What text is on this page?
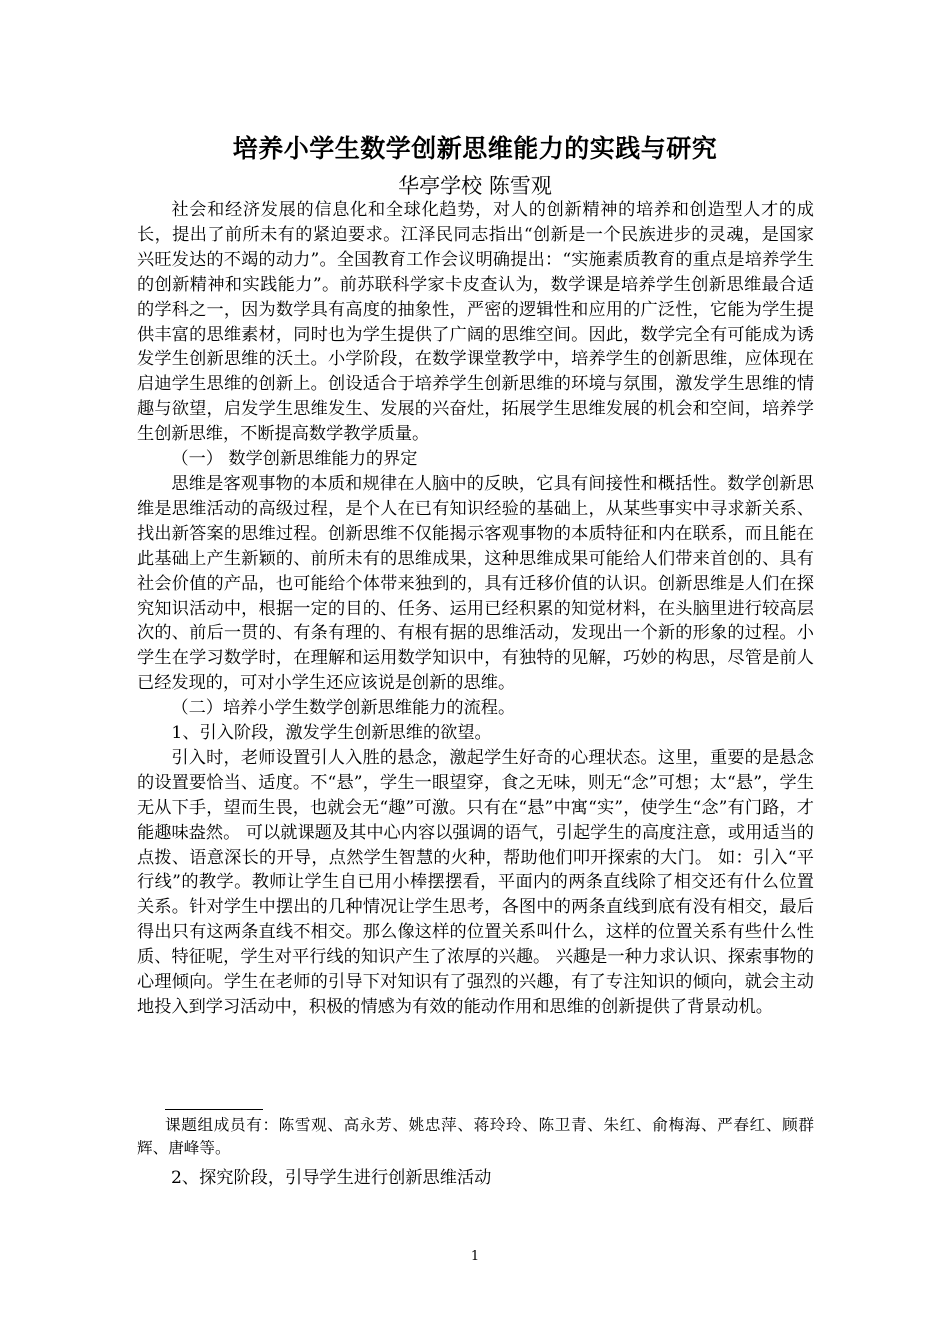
培养小学生数学创新思维能力的实践与研究
华亭学校 陈雪观

社会和经济发展的信息化和全球化趋势，对人的创新精神的培养和创造型人才的成长，提出了前所未有的紧迫要求。江泽民同志指出“创新是一个民族进步的灵魂，是国家兴旺发达的不竭的动力”。全国教育工作会议明确提出：“实施素质教育的重点是培养学生的创新精神和实践能力”。前苏联科学家卡皮查认为，数学课是培养学生创新思维最合适的学科之一，因为数学具有高度的抽象性，严密的逻辑性和应用的广泛性，它能为学生提供丰富的思维素材，同时也为学生提供了广阔的思维空间。因此，数学完全有可能成为诱发学生创新思维的沃土。小学阶段，在数学课堂教学中，培养学生的创新思维，应体现在启迪学生思维的创新上。创设适合于培养学生创新思维的环境与氛围，激发学生思维的情趣与欲望，启发学生思维发生、发展的兴奋灶，拓展学生思维发展的机会和空间，培养学生创新思维，不断提高数学教学质量。

（一） 数学创新思维能力的界定

思维是客观事物的本质和规律在人脑中的反映，它具有间接性和概括性。数学创新思维是思维活动的高级过程，是个人在已有知识经验的基础上，从某些事实中寻求新关系、找出新答案的思维过程。创新思维不仅能揭示客观事物的本质特征和内在联系，而且能在此基础上产生新颖的、前所未有的思维成果，这种思维成果可能给人们带来首创的、具有社会价值的产品，也可能给个体带来独到的，具有迁移价值的认识。创新思维是人们在探究知识活动中，根据一定的目的、任务、运用已经积累的知觉材料，在头脑里进行较高层次的、前后一贯的、有条有理的、有根有据的思维活动，发现出一个新的形象的过程。小学生在学习数学时，在理解和运用数学知识中，有独特的见解，巧妙的构思，尽管是前人已经发现的，可对小学生还应该说是创新的思维。

（二）培养小学生数学创新思维能力的流程。

1、引入阶段，激发学生创新思维的欲望。

引入时，老师设置引人入胜的悬念，激起学生好奇的心理状态。这里，重要的是悬念的设置要恰当、适度。不“悬”，学生一眼望穿，食之无味，则无“念”可想；太“悬”，学生无从下手，望而生畏，也就会无“趣”可激。只有在“悬”中寓“实”，使学生“念”有门路，才能趣味盎然。 可以就课题及其中心内容以强调的语气，引起学生的高度注意，或用适当的点拨、语意深长的开导，点然学生智慧的火种，帮助他们叩开探索的大门。 如：引入“平行线”的教学。教师让学生自已用小棒摆摆看，平面内的两条直线除了相交还有什么位置关系。针对学生中摆出的几种情况让学生思考，各图中的两条直线到底有没有相交，最后得出只有这两条直线不相交。那么像这样的位置关系叫什么，这样的位置关系有些什么性质、特征呢，学生对平行线的知识产生了浓厚的兴趣。 兴趣是一种力求认识、探索事物的心理倾向。学生在老师的引导下对知识有了强烈的兴趣，有了专注知识的倾向，就会主动地投入到学习活动中，积极的情感为有效的能动作用和思维的创新提供了背景动机。

课题组成员有：陈雪观、高永芳、姚忠萍、蒋玲玲、陈卫青、朱红、俞梅海、严春红、顾群辉、唐峰等。

2、探究阶段，引导学生进行创新思维活动

1
